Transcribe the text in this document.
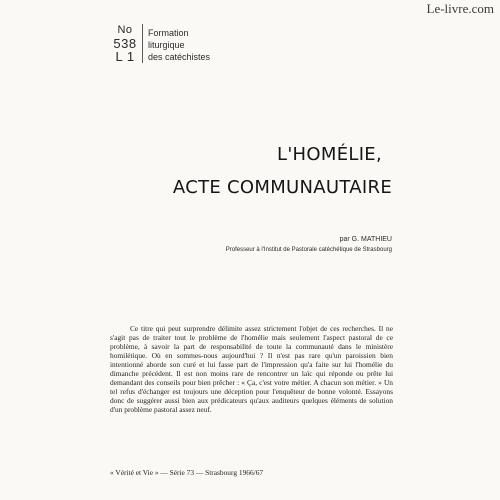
Le-livre.com
No
538
L 1
Formation
liturgique
des catéchistes
L'HOMÉLIE,
ACTE COMMUNAUTAIRE
par G. MATHIEU
Professeur à l'Institut de Pastorale catéchétique de Strasbourg

Ce titre qui peut surprendre délimite assez strictement l'objet de ces recherches. Il ne s'agit pas de traiter tout le problème de l'homélie mais seulement l'aspect pastoral de ce problème, à savoir la part de responsabilité de toute la communauté dans le ministère homilétique. Où en sommes-nous aujourd'hui ? Il n'est pas rare qu'un paroissien bien intentionné aborde son curé et lui fasse part de l'impression qu'a faite sur lui l'homélie du dimanche précédent. Il est non moins rare de rencontrer un laïc qui réponde ou prête lui demandant des conseils pour bien prêcher : « Ça, c'est votre métier. A chacun son métier. » Un tel refus d'échanger est toujours une déception pour l'enquêteur de bonne volonté. Essayons donc de suggérer aussi bien aux prédicateurs qu'aux auditeurs quelques éléments de solution d'un problème pastoral assez neuf.

« Vérité et Vie » — Série 73 — Strasbourg 1966/67
